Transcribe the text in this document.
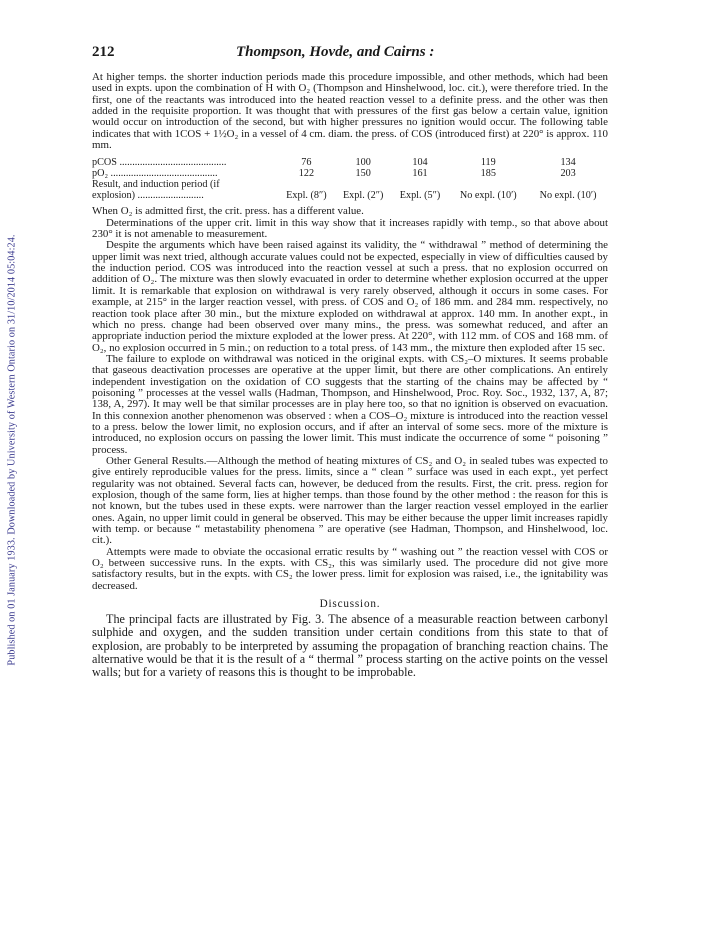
Published on 01 January 1933. Downloaded by University of Western Ontario on 31/10/2014 05:04:24.
212	Thompson, Hovde, and Cairns :

At higher temps. the shorter induction periods made this procedure impossible, and other methods, which had been used in expts. upon the combination of H with O₂ (Thompson and Hinshelwood, loc. cit.), were therefore tried. In the first, one of the reactants was introduced into the heated reaction vessel to a definite press. and the other was then added in the requisite proportion. It was thought that with pressures of the first gas below a certain value, ignition would occur on introduction of the second, but with higher pressures no ignition would occur. The following table indicates that with 1COS + 1½O₂ in a vessel of 4 cm. diam. the press. of COS (introduced first) at 220° is approx. 110 mm.

pCOS ..........................................	76	100	104	119	134
pO₂ ..........................................	122	150	161	185	203
Result, and induction period (if					
explosion) ..........................	Expl. (8″)	Expl. (2″)	Expl. (5″)	No expl. (10′)	No expl. (10′)

When O₂ is admitted first, the crit. press. has a different value.

Determinations of the upper crit. limit in this way show that it increases rapidly with temp., so that above about 230° it is not amenable to measurement.

Despite the arguments which have been raised against its validity, the “ withdrawal ” method of determining the upper limit was next tried, although accurate values could not be expected, especially in view of difficulties caused by the induction period. COS was introduced into the reaction vessel at such a press. that no explosion occurred on addition of O₂. The mixture was then slowly evacuated in order to determine whether explosion occurred at the upper limit. It is remarkable that explosion on withdrawal is very rarely observed, although it occurs in some cases. For example, at 215° in the larger reaction vessel, with press. of COS and O₂ of 186 mm. and 284 mm. respectively, no reaction took place after 30 min., but the mixture exploded on withdrawal at approx. 140 mm. In another expt., in which no press. change had been observed over many mins., the press. was somewhat reduced, and after an appropriate induction period the mixture exploded at the lower press. At 220°, with 112 mm. of COS and 168 mm. of O₂, no explosion occurred in 5 min.; on reduction to a total press. of 143 mm., the mixture then exploded after 15 sec.

The failure to explode on withdrawal was noticed in the original expts. with CS₂–O mixtures. It seems probable that gaseous deactivation processes are operative at the upper limit, but there are other complications. An entirely independent investigation on the oxidation of CO suggests that the starting of the chains may be affected by “ poisoning ” processes at the vessel walls (Hadman, Thompson, and Hinshelwood, Proc. Roy. Soc., 1932, 137, A, 87; 138, A, 297). It may well be that similar processes are in play here too, so that no ignition is observed on evacuation. In this connexion another phenomenon was observed : when a COS–O₂ mixture is introduced into the reaction vessel to a press. below the lower limit, no explosion occurs, and if after an interval of some secs. more of the mixture is introduced, no explosion occurs on passing the lower limit. This must indicate the occurrence of some “ poisoning ” process.

Other General Results.—Although the method of heating mixtures of CS₂ and O₂ in sealed tubes was expected to give entirely reproducible values for the press. limits, since a “ clean ” surface was used in each expt., yet perfect regularity was not obtained. Several facts can, however, be deduced from the results. First, the crit. press. region for explosion, though of the same form, lies at higher temps. than those found by the other method : the reason for this is not known, but the tubes used in these expts. were narrower than the larger reaction vessel employed in the earlier ones. Again, no upper limit could in general be observed. This may be either because the upper limit increases rapidly with temp. or because “ metastability phenomena ” are operative (see Hadman, Thompson, and Hinshelwood, loc. cit.).

Attempts were made to obviate the occasional erratic results by “ washing out ” the reaction vessel with COS or O₂ between successive runs. In the expts. with CS₂, this was similarly used. The procedure did not give more satisfactory results, but in the expts. with CS₂ the lower press. limit for explosion was raised, i.e., the ignitability was decreased.

Discussion.

The principal facts are illustrated by Fig. 3. The absence of a measurable reaction between carbonyl sulphide and oxygen, and the sudden transition under certain conditions from this state to that of explosion, are probably to be interpreted by assuming the propagation of branching reaction chains. The alternative would be that it is the result of a “ thermal ” process starting on the active points on the vessel walls; but for a variety of reasons this is thought to be improbable.
